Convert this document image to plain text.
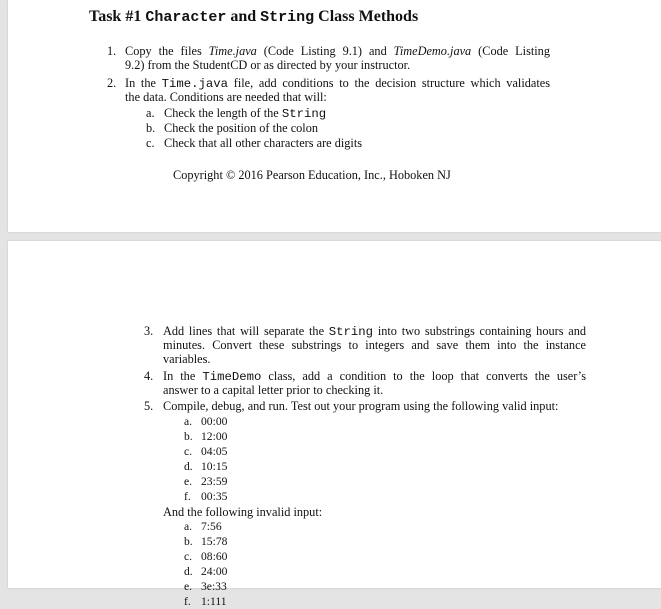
Task #1 Character and String Class Methods
1. Copy the files Time.java (Code Listing 9.1) and TimeDemo.java (Code Listing
9.2) from the StudentCD or as directed by your instructor.
2. In the Time.java file, add conditions to the decision structure which validates
the data. Conditions are needed that will:
a. Check the length of the String
b. Check the position of the colon
c. Check that all other characters are digits
Copyright © 2016 Pearson Education, Inc., Hoboken NJ
3. Add lines that will separate the String into two substrings containing hours and
minutes. Convert these substrings to integers and save them into the instance
variables.
4. In the TimeDemo class, add a condition to the loop that converts the user’s
answer to a capital letter prior to checking it.
5. Compile, debug, and run. Test out your program using the following valid input:
a. 00:00
b. 12:00
c. 04:05
d. 10:15
e. 23:59
f. 00:35
And the following invalid input:
a. 7:56
b. 15:78
c. 08:60
d. 24:00
e. 3e:33
f. 1:111
